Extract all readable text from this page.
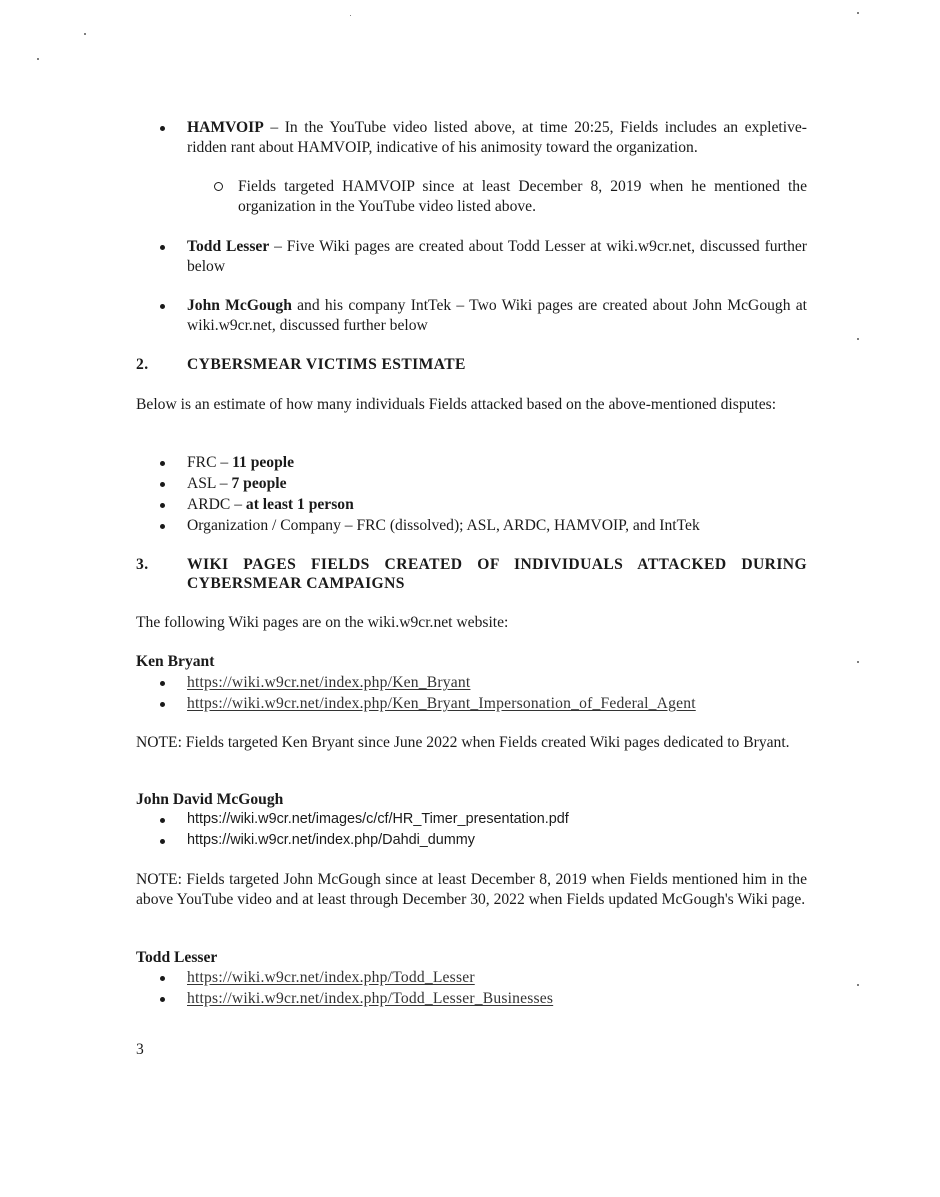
HAMVOIP – In the YouTube video listed above, at time 20:25, Fields includes an expletive-ridden rant about HAMVOIP, indicative of his animosity toward the organization.
Fields targeted HAMVOIP since at least December 8, 2019 when he mentioned the organization in the YouTube video listed above.
Todd Lesser – Five Wiki pages are created about Todd Lesser at wiki.w9cr.net, discussed further below
John McGough and his company IntTek – Two Wiki pages are created about John McGough at wiki.w9cr.net, discussed further below
2. CYBERSMEAR VICTIMS ESTIMATE
Below is an estimate of how many individuals Fields attacked based on the above-mentioned disputes:
FRC – 11 people
ASL – 7 people
ARDC – at least 1 person
Organization / Company – FRC (dissolved); ASL, ARDC, HAMVOIP, and IntTek
3. WIKI PAGES FIELDS CREATED OF INDIVIDUALS ATTACKED DURING
CYBERSMEAR CAMPAIGNS
The following Wiki pages are on the wiki.w9cr.net website:
Ken Bryant
https://wiki.w9cr.net/index.php/Ken_Bryant
https://wiki.w9cr.net/index.php/Ken_Bryant_Impersonation_of_Federal_Agent
NOTE: Fields targeted Ken Bryant since June 2022 when Fields created Wiki pages dedicated to Bryant.
John David McGough
https://wiki.w9cr.net/images/c/cf/HR_Timer_presentation.pdf
https://wiki.w9cr.net/index.php/Dahdi_dummy
NOTE: Fields targeted John McGough since at least December 8, 2019 when Fields mentioned him in the above YouTube video and at least through December 30, 2022 when Fields updated McGough's Wiki page.
Todd Lesser
https://wiki.w9cr.net/index.php/Todd_Lesser
https://wiki.w9cr.net/index.php/Todd_Lesser_Businesses
3
